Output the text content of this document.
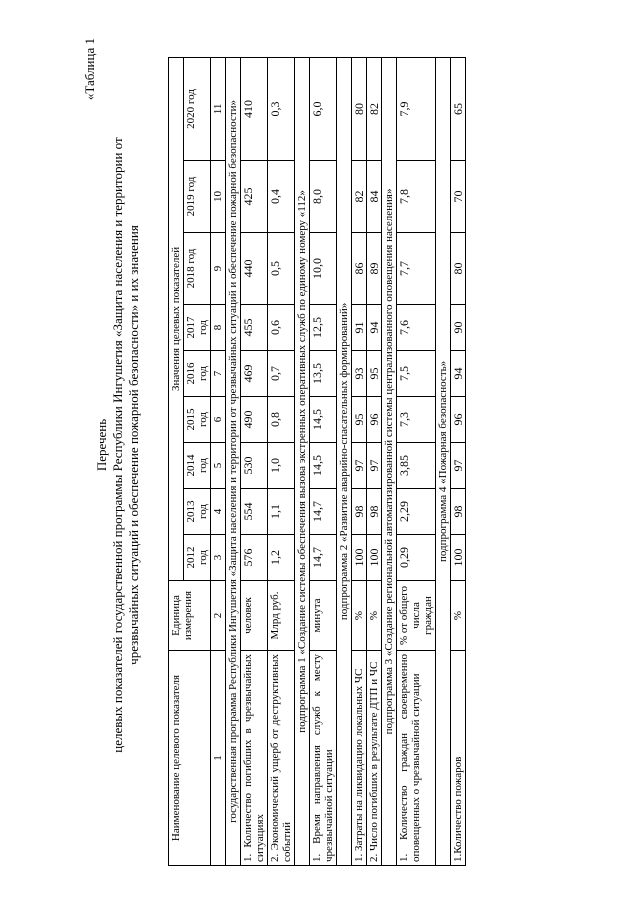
«Таблица 1
Перечень целевых показателей государственной программы Республики Ингушетия «Защита населения и территории от чрезвычайных ситуаций и обеспечение пожарной безопасности» и их значения
Наименование целевого показателя	Единица измерения	Значения целевых показателей								
		2012 год	2013 год	2014 год	2015 год	2016 год	2017 год	2018 год	2019 год	2020 год
1	2	3	4	5	6	7	8	9	10	11
государственная программа Республики Ингушетия «Защита населения и территории от чрезвычайных ситуаций и обеспечение пожарной безопасности»										
1. Количество погибших в чрезвычайных ситуациях	человек	576	554	530	490	469	455	440	425	410
2. Экономический ущерб от деструктивных событий	Млрд руб.	1,2	1,1	1,0	0,8	0,7	0,6	0,5	0,4	0,3
подпрограмма 1 «Создание системы обеспечения вызова экстренных оперативных служб по единому номеру «112»										
1. Время направления служб к месту чрезвычайной ситуации	минута	14,7	14,7	14,5	14,5	13,5	12,5	10,0	8,0	6,0
подпрограмма 2 «Развитие аварийно-спасательных формирований»										
1. Затраты на ликвидацию локальных ЧС	%	100	98	97	95	93	91	86	82	80
2. Число погибших в результате ДТП и ЧС	%	100	98	97	96	95	94	89	84	82
подпрограмма 3 «Создание региональной автоматизированной системы централизованного оповещения населения»										
1. Количество граждан своевременно оповещенных о чрезвычайной ситуации	% от общего числа граждан	0,29	2,29	3,85	7,3	7,5	7,6	7,7	7,8	7,9
подпрограмма 4 «Пожарная безопасность»										
1.Количество пожаров	%	100	98	97	96	94	90	80	70	65
